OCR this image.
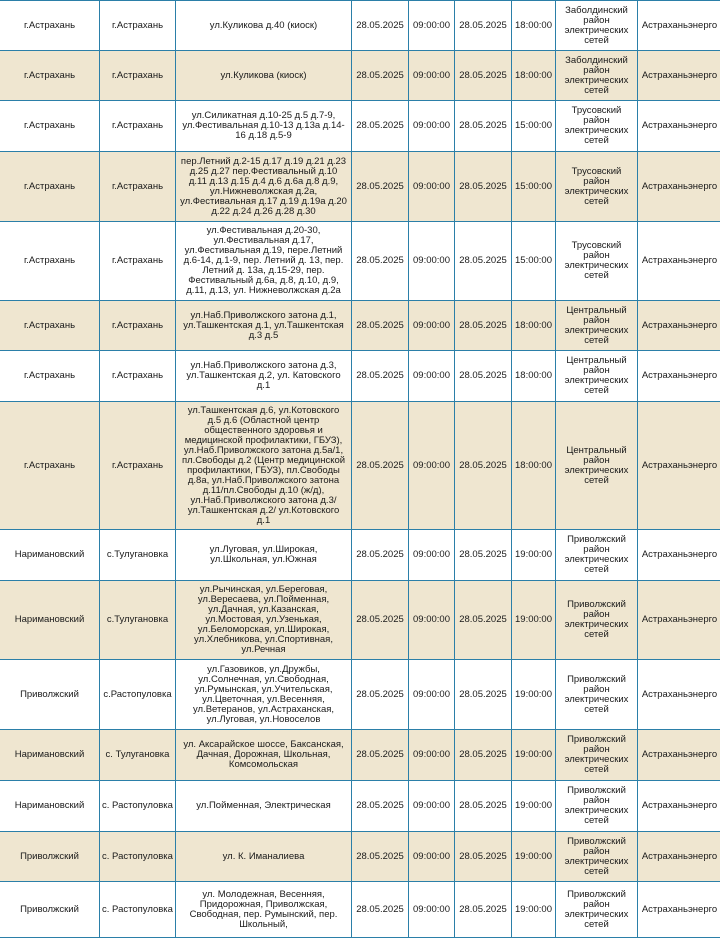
г.Астрахань	г.Астрахань	ул.Куликова д.40 (киоск)	28.05.2025	09:00:00	28.05.2025	18:00:00	Заболдинский район электрических сетей	Астраханьэнерго
г.Астрахань	г.Астрахань	ул.Куликова (киоск)	28.05.2025	09:00:00	28.05.2025	18:00:00	Заболдинский район электрических сетей	Астраханьэнерго
г.Астрахань	г.Астрахань	ул.Силикатная д.10-25 д.5 д.7-9, ул.Фестивальная д.10-13 д.13а д.14-16 д.18 д.5-9	28.05.2025	09:00:00	28.05.2025	15:00:00	Трусовский район электрических сетей	Астраханьэнерго
г.Астрахань	г.Астрахань	пер.Летний д.2-15 д.17 д.19 д.21 д.23 д.25 д.27 пер.Фестивальный д.10 д.11 д.13 д.15 д.4 д.6 д.6а д.8 д.9, ул.Нижневолжская д.2а, ул.Фестивальная д.17 д.19 д.19а д.20 д.22 д.24 д.26 д.28 д.30	28.05.2025	09:00:00	28.05.2025	15:00:00	Трусовский район электрических сетей	Астраханьэнерго
г.Астрахань	г.Астрахань	ул.Фестивальная д.20-30, ул.Фестивальная д.17, ул.Фестивальная д.19, пере.Летний д.6-14, д.1-9, пер. Летний д. 13, пер. Летний д. 13а, д.15-29, пер. Фестивальный д.6а, д.8, д.10, д.9, д.11, д.13, ул. Нижневолжская д.2а	28.05.2025	09:00:00	28.05.2025	15:00:00	Трусовский район электрических сетей	Астраханьэнерго
г.Астрахань	г.Астрахань	ул.Наб.Приволжского затона д.1, ул.Ташкентская д.1, ул.Ташкентская д.3 д.5	28.05.2025	09:00:00	28.05.2025	18:00:00	Центральный район электрических сетей	Астраханьэнерго
г.Астрахань	г.Астрахань	ул.Наб.Приволжского затона д.3, ул.Ташкентская д.2, ул. Катовского д.1	28.05.2025	09:00:00	28.05.2025	18:00:00	Центральный район электрических сетей	Астраханьэнерго
г.Астрахань	г.Астрахань	ул.Ташкентская д.6, ул.Котовского д.5 д.6 (Областной центр общественного здоровья и медицинской профилактики, ГБУЗ), ул.Наб.Приволжского затона д.5а/1, пл.Свободы д.2 (Центр медицинской профилактики, ГБУЗ), пл.Свободы д.8а, ул.Наб.Приволжского затона д.11/пл.Свободы д.10 (ж/д), ул.Наб.Приволжского затона д.3/ ул.Ташкентская д.2/ ул.Котовского д.1	28.05.2025	09:00:00	28.05.2025	18:00:00	Центральный район электрических сетей	Астраханьэнерго
Наримановский	с.Тулугановка	ул.Луговая, ул.Широкая, ул.Школьная, ул.Южная	28.05.2025	09:00:00	28.05.2025	19:00:00	Приволжский район электрических сетей	Астраханьэнерго
Наримановский	с.Тулугановка	ул.Рычинская, ул.Береговая, ул.Вересаева, ул.Пойменная, ул.Дачная, ул.Казанская, ул.Мостовая, ул.Узенькая, ул.Беломорская, ул.Широкая, ул.Хлебникова, ул.Спортивная, ул.Речная	28.05.2025	09:00:00	28.05.2025	19:00:00	Приволжский район электрических сетей	Астраханьэнерго
Приволжский	с.Растопуловка	ул.Газовиков, ул.Дружбы, ул.Солнечная, ул.Свободная, ул.Румынская, ул.Учительская, ул.Цветочная, ул.Весенняя, ул.Ветеранов, ул.Астраханская, ул.Луговая, ул.Новоселов	28.05.2025	09:00:00	28.05.2025	19:00:00	Приволжский район электрических сетей	Астраханьэнерго
Наримановский	с. Тулугановка	ул. Аксарайское шоссе, Баксанская, Дачная, Дорожная, Школьная, Комсомольская	28.05.2025	09:00:00	28.05.2025	19:00:00	Приволжский район электрических сетей	Астраханьэнерго
Наримановский	с. Растопуловка	ул.Пойменная, Электрическая	28.05.2025	09:00:00	28.05.2025	19:00:00	Приволжский район электрических сетей	Астраханьэнерго
Приволжский	с. Растопуловка	ул. К. Иманалиева	28.05.2025	09:00:00	28.05.2025	19:00:00	Приволжский район электрических сетей	Астраханьэнерго
Приволжский	с. Растопуловка	ул. Молодежная, Весенняя, Придорожная, Приволжская, Свободная, пер. Румынский, пер. Школьный,	28.05.2025	09:00:00	28.05.2025	19:00:00	Приволжский район электрических сетей	Астраханьэнерго
